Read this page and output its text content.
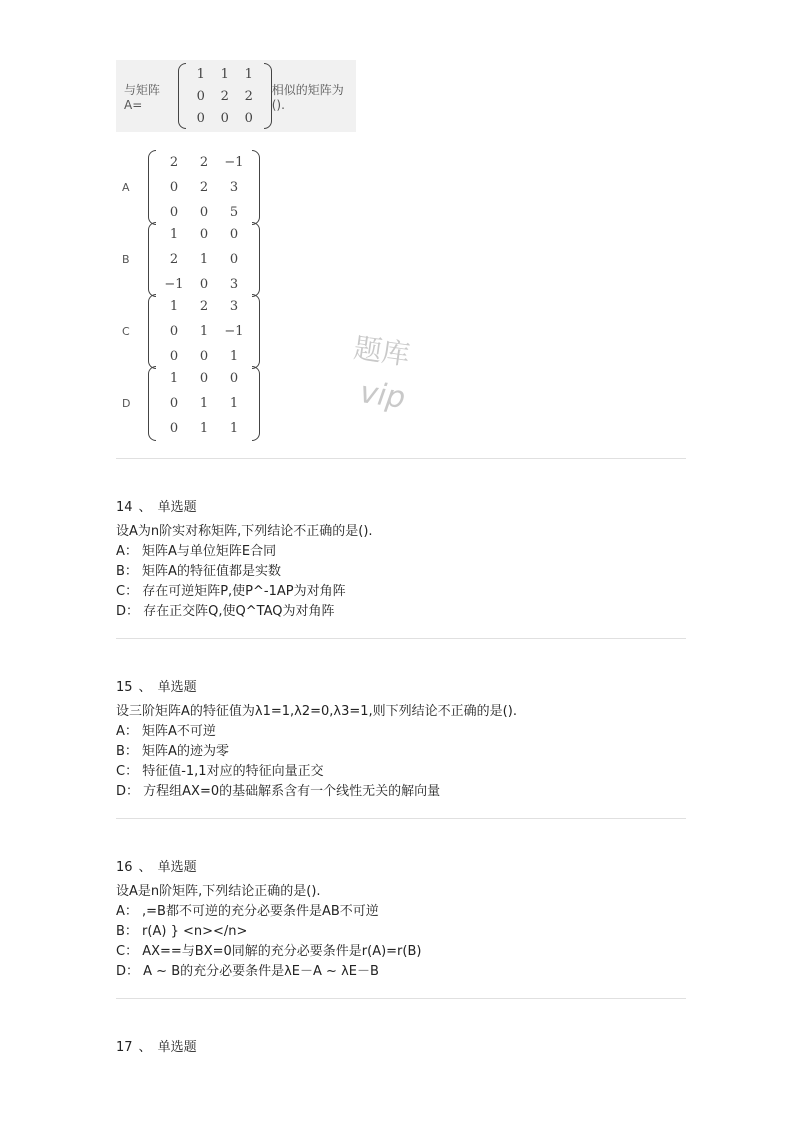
与矩阵A=
1 1 1
0 2 2
0 0 0
相似的矩阵为().
A
2 2 −1
0 2 3
0 0 5
B
1 0 0
2 1 0
−1 0 3
C
1 2 3
0 1 −1
0 0 1
D
1 0 0
0 1 1
0 1 1
题库
vip
14 、 单选题
设A为n阶实对称矩阵,下列结论不正确的是().
A： 矩阵A与单位矩阵E合同
B： 矩阵A的特征值都是实数
C： 存在可逆矩阵P,使P^-1AP为对角阵
D： 存在正交阵Q,使Q^TAQ为对角阵
15 、 单选题
设三阶矩阵A的特征值为λ1=1,λ2=0,λ3=1,则下列结论不正确的是().
A： 矩阵A不可逆
B： 矩阵A的迹为零
C： 特征值-1,1对应的特征向量正交
D： 方程组AX=0的基础解系含有一个线性无关的解向量
16 、 单选题
设A是n阶矩阵,下列结论正确的是().
A： ,=B都不可逆的充分必要条件是AB不可逆
B： r(A) } <n></n>
C： AX==与BX=0同解的充分必要条件是r(A)=r(B)
D： A ~ B的充分必要条件是λE－A ~ λE－B
17 、 单选题
